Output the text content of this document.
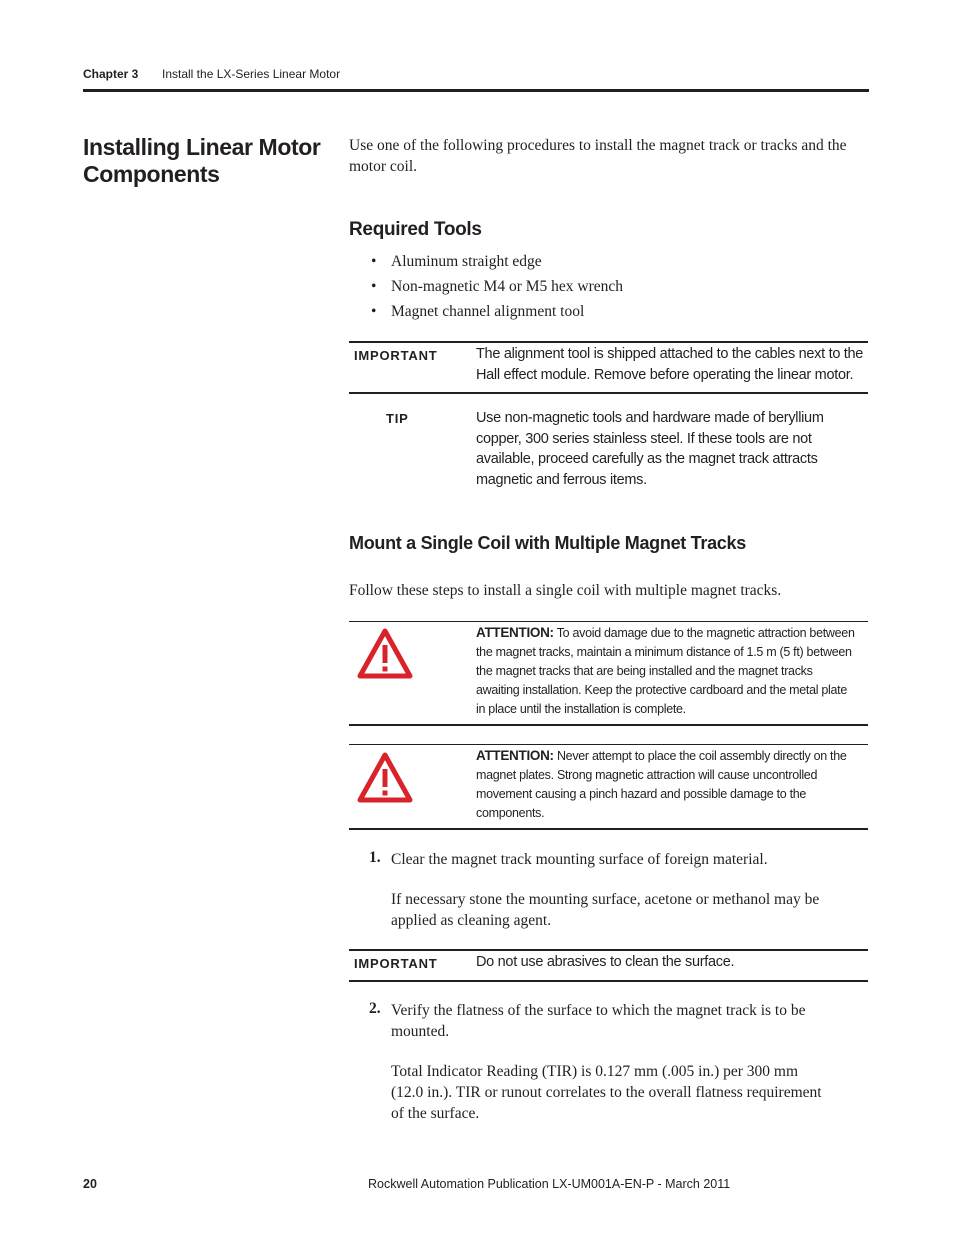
Chapter 3 Install the LX-Series Linear Motor
Installing Linear Motor Components
Use one of the following procedures to install the magnet track or tracks and the motor coil.
Required Tools
• Aluminum straight edge
• Non-magnetic M4 or M5 hex wrench
• Magnet channel alignment tool
IMPORTANT	The alignment tool is shipped attached to the cables next to the Hall effect module. Remove before operating the linear motor.
TIP	Use non-magnetic tools and hardware made of beryllium copper, 300 series stainless steel. If these tools are not available, proceed carefully as the magnet track attracts magnetic and ferrous items.
Mount a Single Coil with Multiple Magnet Tracks
Follow these steps to install a single coil with multiple magnet tracks.
ATTENTION: To avoid damage due to the magnetic attraction between the magnet tracks, maintain a minimum distance of 1.5 m (5 ft) between the magnet tracks that are being installed and the magnet tracks awaiting installation. Keep the protective cardboard and the metal plate in place until the installation is complete.
ATTENTION: Never attempt to place the coil assembly directly on the magnet plates. Strong magnetic attraction will cause uncontrolled movement causing a pinch hazard and possible damage to the components.
1. Clear the magnet track mounting surface of foreign material.
If necessary stone the mounting surface, acetone or methanol may be applied as cleaning agent.
IMPORTANT	Do not use abrasives to clean the surface.
2. Verify the flatness of the surface to which the magnet track is to be mounted.
Total Indicator Reading (TIR) is 0.127 mm (.005 in.) per 300 mm (12.0 in.). TIR or runout correlates to the overall flatness requirement of the surface.
20	Rockwell Automation Publication LX-UM001A-EN-P - March 2011
